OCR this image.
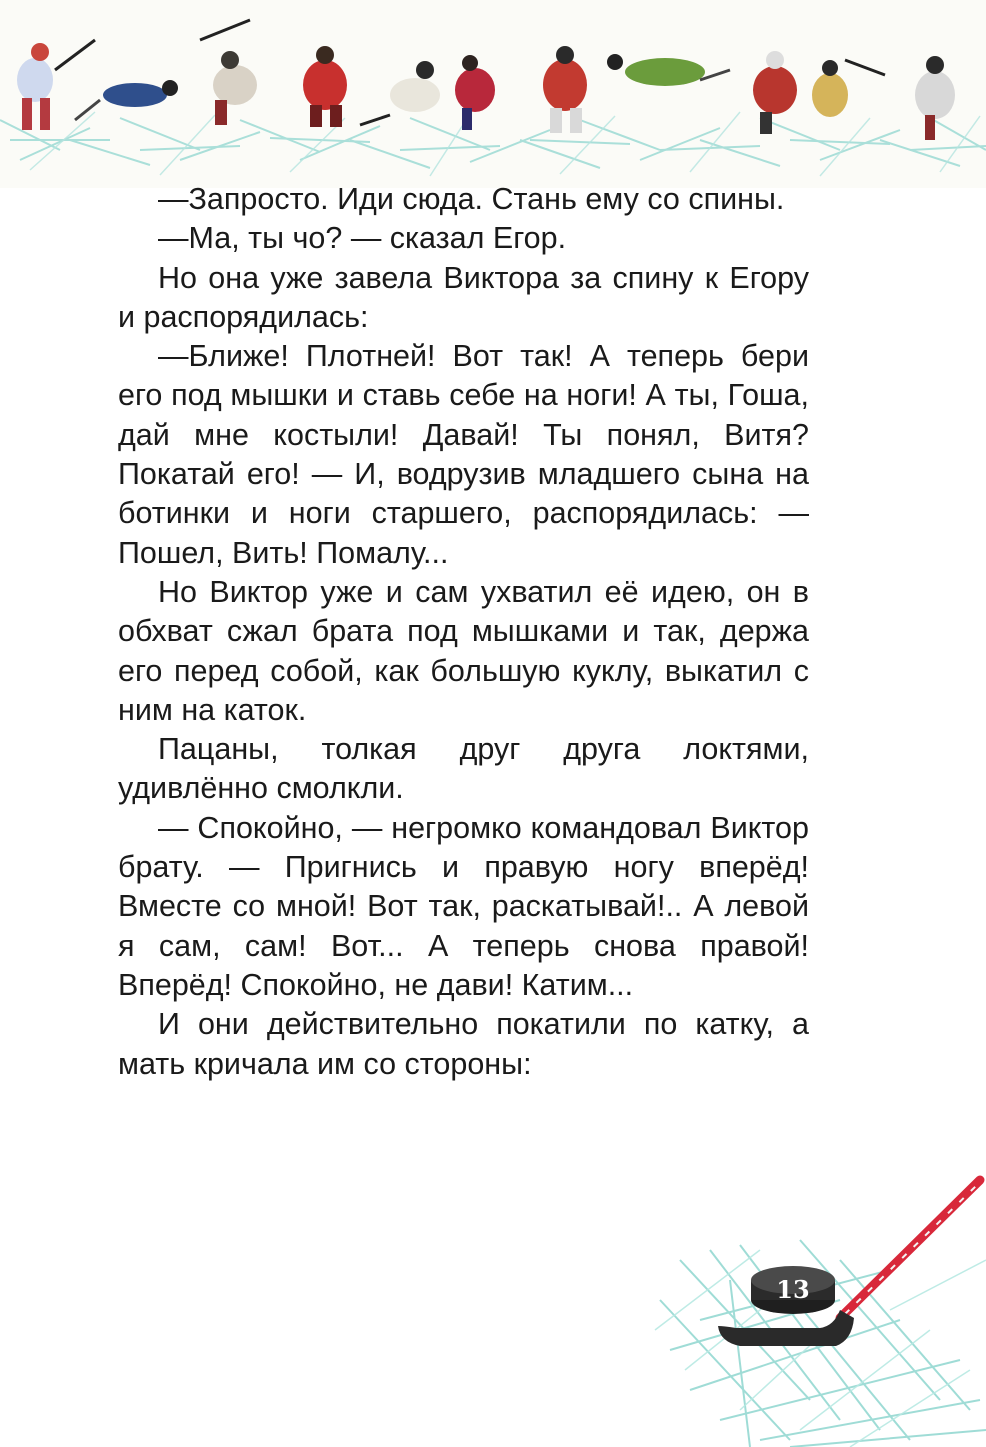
—Запросто. Иди сюда. Стань ему со спины.

—Ма, ты чо? — сказал Егор.

Но она уже завела Виктора за спину к Егору и распорядилась:

—Ближе! Плотней! Вот так! А теперь бери его под мышки и ставь себе на ноги! А ты, Гоша, дай мне костыли! Давай! Ты понял, Витя? Покатай его! — И, водрузив младшего сына на ботинки и ноги старшего, распорядилась: — Пошел, Вить! Помалу...

Но Виктор уже и сам ухватил её идею, он в обхват сжал брата под мышками и так, держа его перед собой, как большую куклу, выкатил с ним на каток.

Пацаны, толкая друг друга локтями, удивлённо смолкли.

— Спокойно, — негромко командовал Виктор брату. — Пригнись и правую ногу вперёд! Вместе со мной! Вот так, раскатывай!.. А левой я сам, сам! Вот... А теперь снова правой! Вперёд! Спокойно, не дави! Катим...

И они действительно покатили по катку, а мать кричала им со стороны:

13
